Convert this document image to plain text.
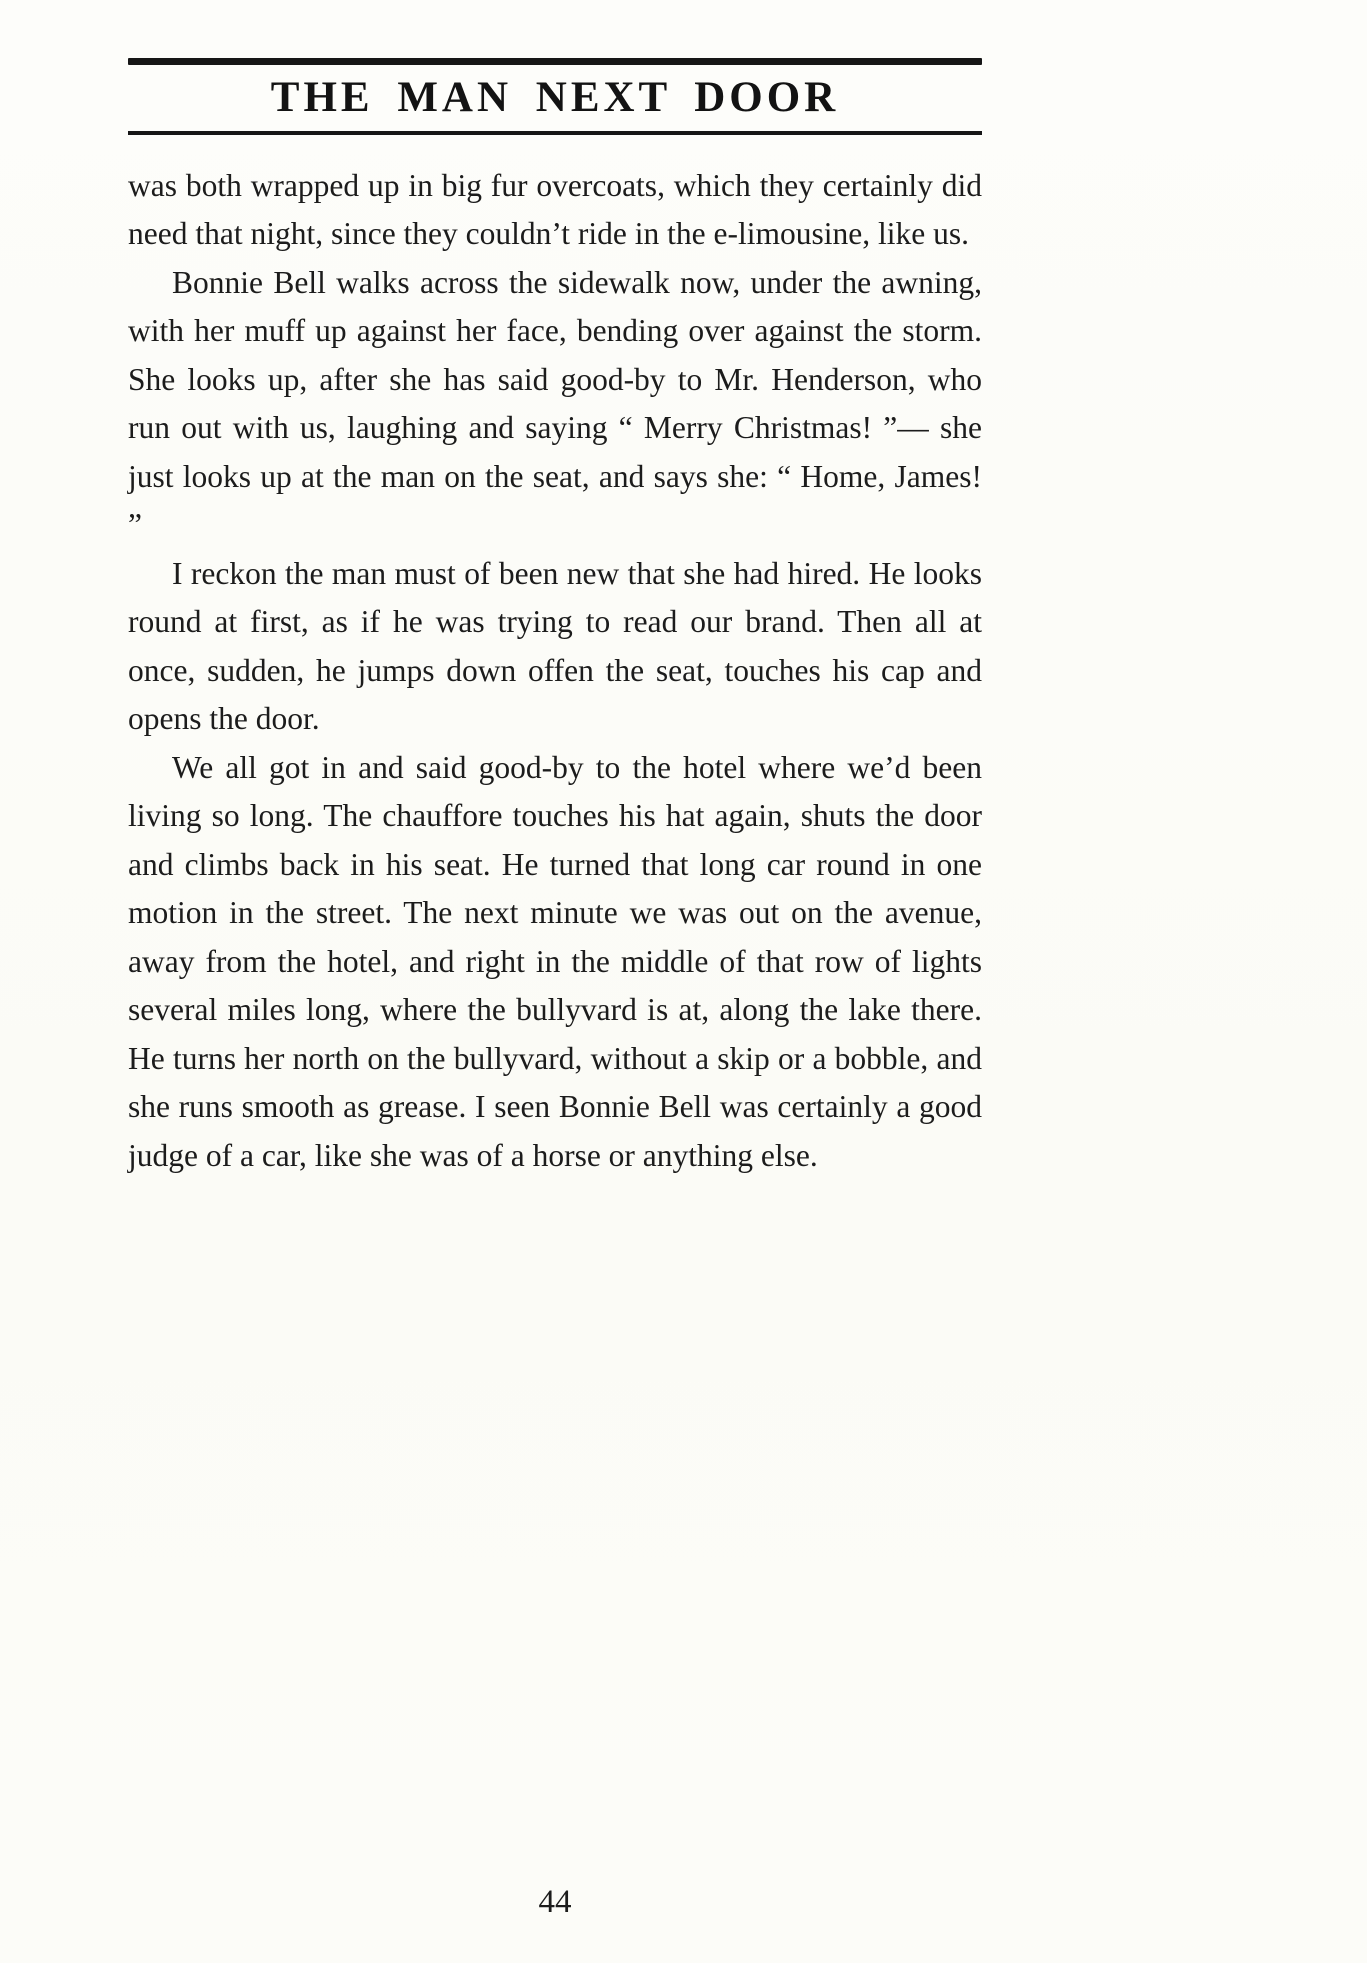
THE MAN NEXT DOOR

was both wrapped up in big fur overcoats, which they certainly did need that night, since they couldn’t ride in the e-limousine, like us.

Bonnie Bell walks across the sidewalk now, under the awning, with her muff up against her face, bending over against the storm. She looks up, after she has said good-by to Mr. Henderson, who run out with us, laughing and saying “ Merry Christmas! ”— she just looks up at the man on the seat, and says she: “ Home, James! ”

I reckon the man must of been new that she had hired. He looks round at first, as if he was trying to read our brand. Then all at once, sudden, he jumps down offen the seat, touches his cap and opens the door.

We all got in and said good-by to the hotel where we’d been living so long. The chauffore touches his hat again, shuts the door and climbs back in his seat. He turned that long car round in one motion in the street. The next minute we was out on the avenue, away from the hotel, and right in the middle of that row of lights several miles long, where the bullyvard is at, along the lake there. He turns her north on the bullyvard, without a skip or a bobble, and she runs smooth as grease. I seen Bonnie Bell was certainly a good judge of a car, like she was of a horse or anything else.

44
